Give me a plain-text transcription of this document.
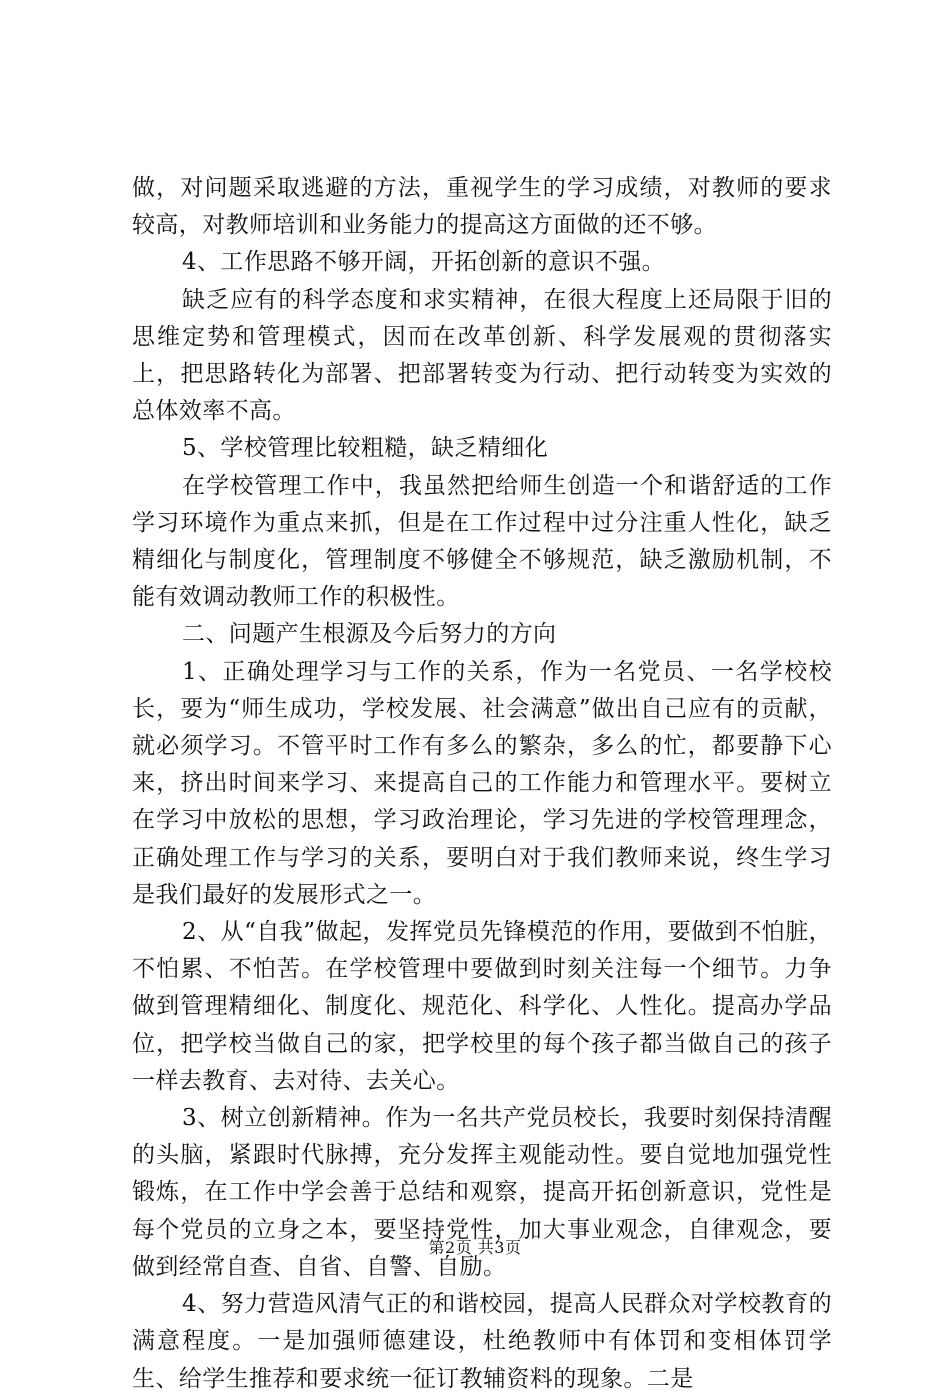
做，对问题采取逃避的方法，重视学生的学习成绩，对教师的要求较高，对教师培训和业务能力的提高这方面做的还不够。

4、工作思路不够开阔，开拓创新的意识不强。

缺乏应有的科学态度和求实精神，在很大程度上还局限于旧的思维定势和管理模式，因而在改革创新、科学发展观的贯彻落实上，把思路转化为部署、把部署转变为行动、把行动转变为实效的总体效率不高。

5、学校管理比较粗糙，缺乏精细化

在学校管理工作中，我虽然把给师生创造一个和谐舒适的工作学习环境作为重点来抓，但是在工作过程中过分注重人性化，缺乏精细化与制度化，管理制度不够健全不够规范，缺乏激励机制，不能有效调动教师工作的积极性。

二、问题产生根源及今后努力的方向

1、正确处理学习与工作的关系，作为一名党员、一名学校校长，要为“师生成功，学校发展、社会满意”做出自己应有的贡献，就必须学习。不管平时工作有多么的繁杂，多么的忙，都要静下心来，挤出时间来学习、来提高自己的工作能力和管理水平。要树立在学习中放松的思想，学习政治理论，学习先进的学校管理理念，正确处理工作与学习的关系，要明白对于我们教师来说，终生学习是我们最好的发展形式之一。

2、从“自我”做起，发挥党员先锋模范的作用，要做到不怕脏，不怕累、不怕苦。在学校管理中要做到时刻关注每一个细节。力争做到管理精细化、制度化、规范化、科学化、人性化。提高办学品位，把学校当做自己的家，把学校里的每个孩子都当做自己的孩子一样去教育、去对待、去关心。

3、树立创新精神。作为一名共产党员校长，我要时刻保持清醒的头脑，紧跟时代脉搏，充分发挥主观能动性。要自觉地加强党性锻炼，在工作中学会善于总结和观察，提高开拓创新意识，党性是每个党员的立身之本，要坚持党性，加大事业观念，自律观念，要做到经常自查、自省、自警、自励。

4、努力营造风清气正的和谐校园，提高人民群众对学校教育的满意程度。一是加强师德建设，杜绝教师中有体罚和变相体罚学生、给学生推荐和要求统一征订教辅资料的现象。二是

第2页 共3页
